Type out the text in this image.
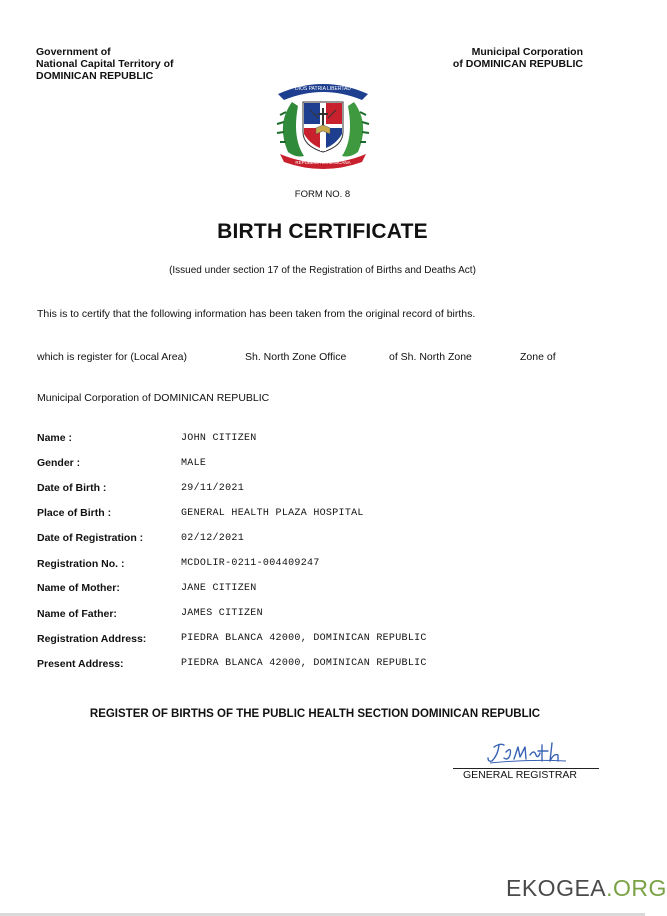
Government of
National Capital Territory of
DOMINICAN REPUBLIC
Municipal Corporation
of DOMINICAN REPUBLIC
DIOS PATRIA LIBERTAD
REPUBLICA DOMINICANA
FORM NO. 8
BIRTH CERTIFICATE
(Issued under section 17 of the Registration of Births and Deaths Act)
This is to certify that the following information has been taken from the original record of births.
which is register for (Local Area)	Sh. North Zone Office	of Sh. North Zone	Zone of
Municipal Corporation of DOMINICAN REPUBLIC
Name :	JOHN CITIZEN
Gender :	MALE
Date of Birth :	29/11/2021
Place of Birth :	GENERAL HEALTH PLAZA HOSPITAL
Date of Registration :	02/12/2021
Registration No. :	MCDOLIR-0211-004409247
Name of Mother:	JANE CITIZEN
Name of Father:	JAMES CITIZEN
Registration Address:	PIEDRA BLANCA 42000, DOMINICAN REPUBLIC
Present Address:	PIEDRA BLANCA 42000, DOMINICAN REPUBLIC
REGISTER OF BIRTHS OF THE PUBLIC HEALTH SECTION DOMINICAN REPUBLIC
GENERAL REGISTRAR
EKOGEA.ORG
